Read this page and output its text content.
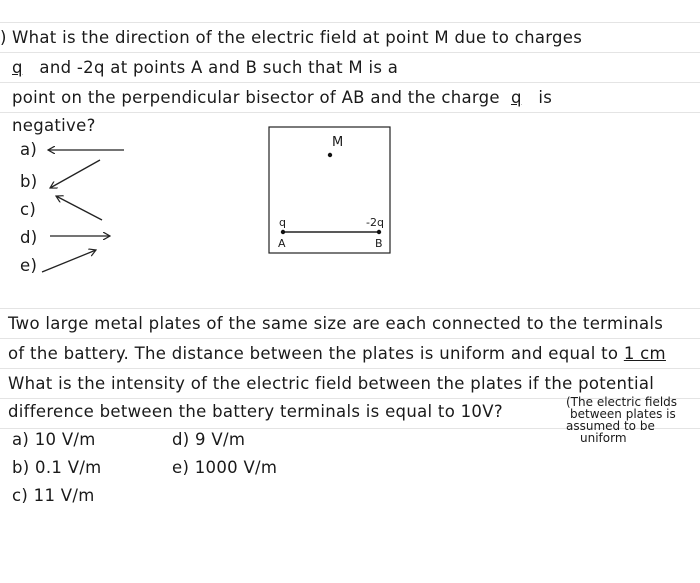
) What is the direction of the electric field at point M due to charges
q and -2q at points A and B such that M is a
point on the perpendicular bisector of AB and the charge q is
negative?
a)
b)
c)
d)
e)
M
q	-2q
A	B
Two large metal plates of the same size are each connected to the terminals
of the battery. The distance between the plates is uniform and equal to 1 cm
What is the intensity of the electric field between the plates if the potential
difference between the battery terminals is equal to 10V?	(The electric fields
between plates is
assumed to be
uniform
a) 10 V/m	d) 9 V/m
b) 0.1 V/m	e) 1000 V/m
c) 11 V/m
